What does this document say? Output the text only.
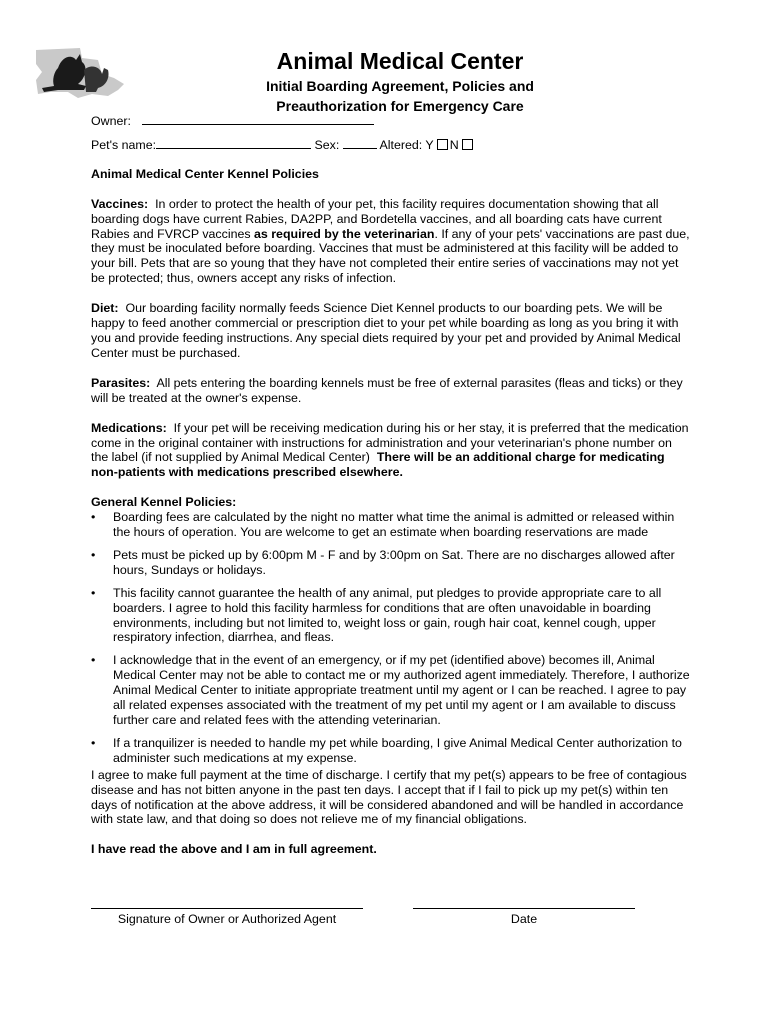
Animal Medical Center
Initial Boarding Agreement, Policies and
Preauthorization for Emergency Care
Owner:
Pet's name:	Sex:	Altered: Y N

Animal Medical Center Kennel Policies

Vaccines: In order to protect the health of your pet, this facility requires documentation showing that all boarding dogs have current Rabies, DA2PP, and Bordetella vaccines, and all boarding cats have current Rabies and FVRCP vaccines as required by the veterinarian. If any of your pets' vaccinations are past due, they must be inoculated before boarding. Vaccines that must be administered at this facility will be added to your bill. Pets that are so young that they have not completed their entire series of vaccinations may not yet be protected; thus, owners accept any risks of infection.

Diet: Our boarding facility normally feeds Science Diet Kennel products to our boarding pets. We will be happy to feed another commercial or prescription diet to your pet while boarding as long as you bring it with you and provide feeding instructions. Any special diets required by your pet and provided by Animal Medical Center must be purchased.

Parasites: All pets entering the boarding kennels must be free of external parasites (fleas and ticks) or they will be treated at the owner's expense.

Medications: If your pet will be receiving medication during his or her stay, it is preferred that the medication come in the original container with instructions for administration and your veterinarian's phone number on the label (if not supplied by Animal Medical Center) There will be an additional charge for medicating non-patients with medications prescribed elsewhere.

General Kennel Policies:

• Boarding fees are calculated by the night no matter what time the animal is admitted or released within the hours of operation. You are welcome to get an estimate when boarding reservations are made
• Pets must be picked up by 6:00pm M - F and by 3:00pm on Sat. There are no discharges allowed after hours, Sundays or holidays.
• This facility cannot guarantee the health of any animal, put pledges to provide appropriate care to all boarders. I agree to hold this facility harmless for conditions that are often unavoidable in boarding environments, including but not limited to, weight loss or gain, rough hair coat, kennel cough, upper respiratory infection, diarrhea, and fleas.
• I acknowledge that in the event of an emergency, or if my pet (identified above) becomes ill, Animal Medical Center may not be able to contact me or my authorized agent immediately. Therefore, I authorize Animal Medical Center to initiate appropriate treatment until my agent or I can be reached. I agree to pay all related expenses associated with the treatment of my pet until my agent or I am available to discuss further care and related fees with the attending veterinarian.
• If a tranquilizer is needed to handle my pet while boarding, I give Animal Medical Center authorization to administer such medications at my expense.

I agree to make full payment at the time of discharge. I certify that my pet(s) appears to be free of contagious disease and has not bitten anyone in the past ten days. I accept that if I fail to pick up my pet(s) within ten days of notification at the above address, it will be considered abandoned and will be handled in accordance with state law, and that doing so does not relieve me of my financial obligations.

I have read the above and I am in full agreement.

Signature of Owner or Authorized Agent	Date
